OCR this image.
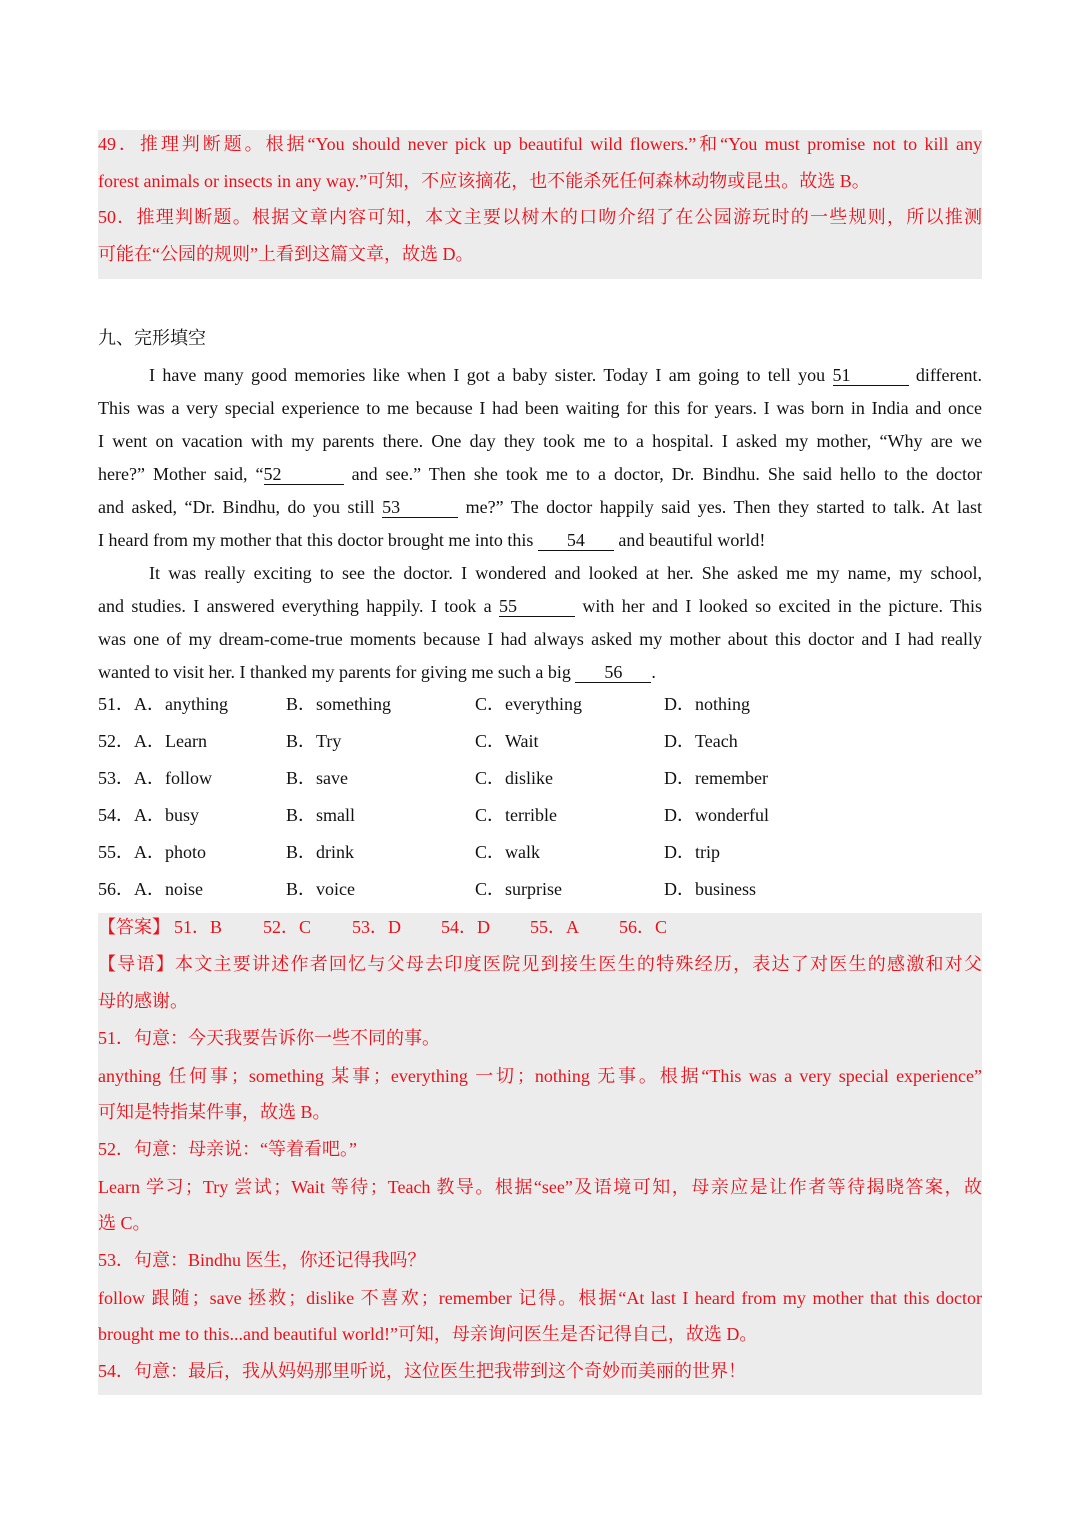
49．推理判断题。根据“You should never pick up beautiful wild flowers.”和“You must promise not to kill any
forest animals or insects in any way.”可知，不应该摘花，也不能杀死任何森林动物或昆虫。故选 B。
50．推理判断题。根据文章内容可知，本文主要以树木的口吻介绍了在公园游玩时的一些规则，所以推测
可能在“公园的规则”上看到这篇文章，故选 D。
九、完形填空
I have many good memories like when I got a baby sister. Today I am going to tell you 51	different.
This was a very special experience to me because I had been waiting for this for years. I was born in India and once
I went on vacation with my parents there. One day they took me to a hospital. I asked my mother, “Why are we
here?” Mother said, “52	and see.” Then she took me to a doctor, Dr. Bindhu. She said hello to the doctor
and asked, “Dr. Bindhu, do you still 53	me?” The doctor happily said yes. Then they started to talk. At last
I heard from my mother that this doctor brought me into this 54 and beautiful world!
It was really exciting to see the doctor. I wondered and looked at her. She asked me my name, my school,
and studies. I answered everything happily. I took a 55	with her and I looked so excited in the picture. This
was one of my dream-come-true moments because I had always asked my mother about this doctor and I had really
wanted to visit her. I thanked my parents for giving me such a big 56 .
51．A．anything	B．something	C．everything	D．nothing
52．A．Learn	B．Try	C．Wait	D．Teach
53．A．follow	B．save	C．dislike	D．remember
54．A．busy	B．small	C．terrible	D．wonderful
55．A．photo	B．drink	C．walk	D．trip
56．A．noise	B．voice	C．surprise	D．business
【答案】 51．B 52．C 53．D 54．D 55．A 56．C
【导语】本文主要讲述作者回忆与父母去印度医院见到接生医生的特殊经历，表达了对医生的感激和对父
母的感谢。
51．句意：今天我要告诉你一些不同的事。
anything 任何事；something 某事；everything 一切；nothing 无事。根据“This was a very special experience”
可知是特指某件事，故选 B。
52．句意：母亲说：“等着看吧。”
Learn 学习；Try 尝试；Wait 等待；Teach 教导。根据“see”及语境可知，母亲应是让作者等待揭晓答案，故
选 C。
53．句意：Bindhu 医生，你还记得我吗？
follow 跟随；save 拯救；dislike 不喜欢；remember 记得。根据“At last I heard from my mother that this doctor
brought me to this...and beautiful world!”可知，母亲询问医生是否记得自己，故选 D。
54．句意：最后，我从妈妈那里听说，这位医生把我带到这个奇妙而美丽的世界！
